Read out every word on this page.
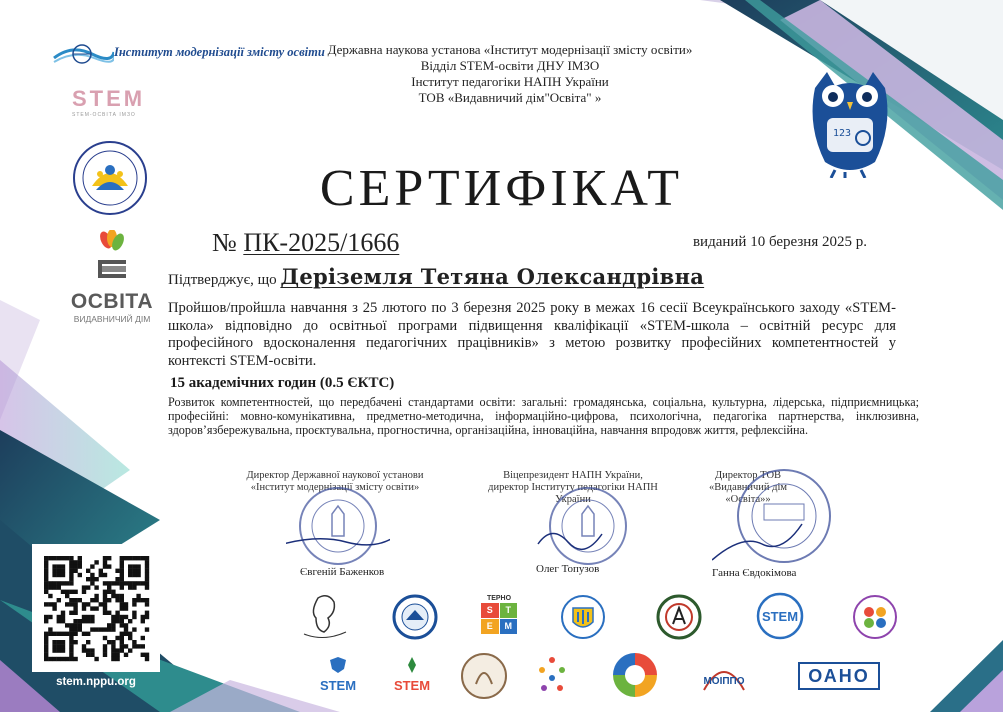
Інститут модернізації змісту освіти
STEM
STEM-ОСВІТА ІМЗО
ОСВІТА
ВИДАВНИЧИЙ ДІМ
123
Державна наукова установа «Інститут модернізації змісту освіти»
Відділ STEM-освіти ДНУ ІМЗО
Інститут педагогіки НАПН України
ТОВ «Видавничий дім"Освіта" »
СЕРТИФІКАТ
№ ПК-2025/1666	виданий 10 березня 2025 р.
Підтверджує, що Деріземля Тетяна Олександрівна
Пройшов/пройшла навчання з 25 лютого по 3 березня 2025 року в межах 16 сесії Всеукраїнського заходу «STEM-школа» відповідно до освітньої програми підвищення кваліфікації «STEM-школа – освітній ресурс для професійного вдосконалення педагогічних працівників» з метою розвитку професійних компетентностей у контексті STEM-освіти.
15 академічних годин (0.5 ЄКТС)
Розвиток компетентностей, що передбачені стандартами освіти: загальні: громадянська, соціальна, культурна, лідерська, підприємницька; професійні: мовно-комунікативна, предметно-методична, інформаційно-цифрова, психологічна, педагогіка партнерства, інклюзивна, здоров’язбережувальна, проєктувальна, прогностична, організаційна, інноваційна, навчання впродовж життя, рефлексійна.
Директор Державної наукової установи «Інститут модернізації змісту освіти»
Віцепрезидент НАПН України, директор Інституту педагогіки НАПН України
Директор ТОВ «Видавничий дім «Освіта»»
Євгеній Баженков	Олег Топузов	Ганна Євдокімова
stem.nppu.org
ТЕРНО
S	T
E	M
STEM
STEM	STEM	МОІППО	ОАНО
